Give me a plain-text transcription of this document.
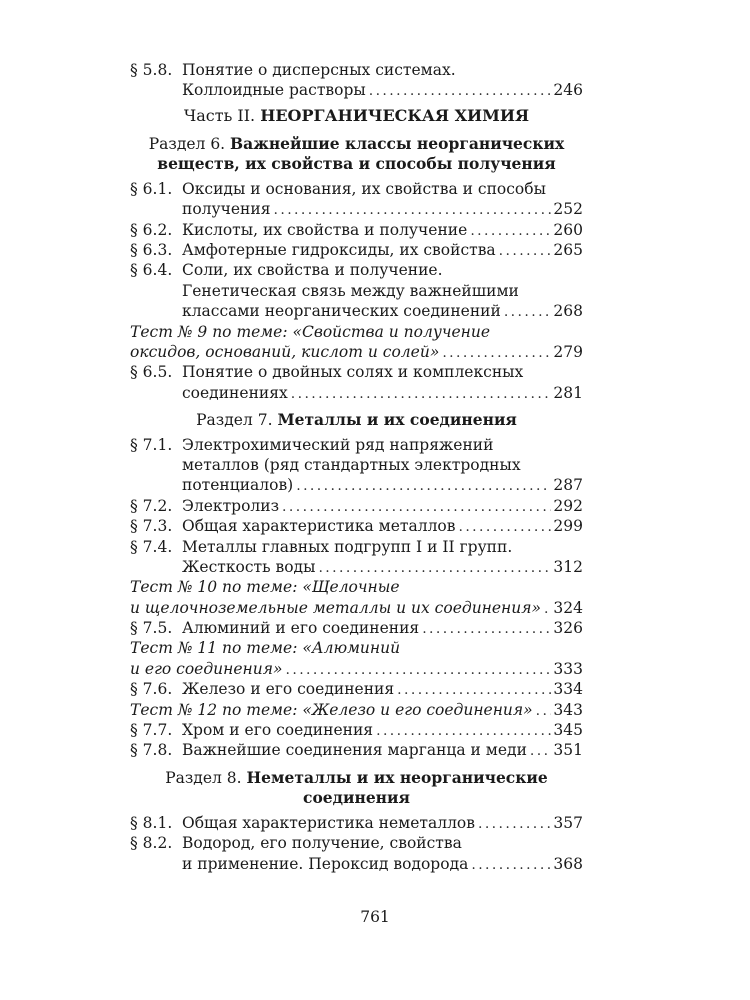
§ 5.8. Понятие о дисперсных системах.
Коллоидные растворы .....	246
Часть II. НЕОРГАНИЧЕСКАЯ ХИМИЯ
Раздел 6. Важнейшие классы неорганических
веществ, их свойства и способы получения
§ 6.1. Оксиды и основания, их свойства и способы
получения .....	252
§ 6.2. Кислоты, их свойства и получение .....	260
§ 6.3. Амфотерные гидроксиды, их свойства .....	265
§ 6.4. Соли, их свойства и получение.
Генетическая связь между важнейшими
классами неорганических соединений .....	268
Тест № 9 по теме: «Свойства и получение
оксидов, оснований, кислот и солей» .....	279
§ 6.5. Понятие о двойных солях и комплексных
соединениях .....	281
Раздел 7. Металлы и их соединения
§ 7.1. Электрохимический ряд напряжений
металлов (ряд стандартных электродных
потенциалов) .....	287
§ 7.2. Электролиз .....	292
§ 7.3. Общая характеристика металлов .....	299
§ 7.4. Металлы главных подгрупп I и II групп.
Жесткость воды .....	312
Тест № 10 по теме: «Щелочные
и щелочноземельные металлы и их соединения» ..... 324
§ 7.5. Алюминий и его соединения .....	326
Тест № 11 по теме: «Алюминий
и его соединения» .....	333
§ 7.6. Железо и его соединения .....	334
Тест № 12 по теме: «Железо и его соединения» ..... 343
§ 7.7. Хром и его соединения .....	345
§ 7.8. Важнейшие соединения марганца и меди ..... 351
Раздел 8. Неметаллы и их неорганические
соединения
§ 8.1. Общая характеристика неметаллов .....	357
§ 8.2. Водород, его получение, свойства
и применение. Пероксид водорода .....	368
761
